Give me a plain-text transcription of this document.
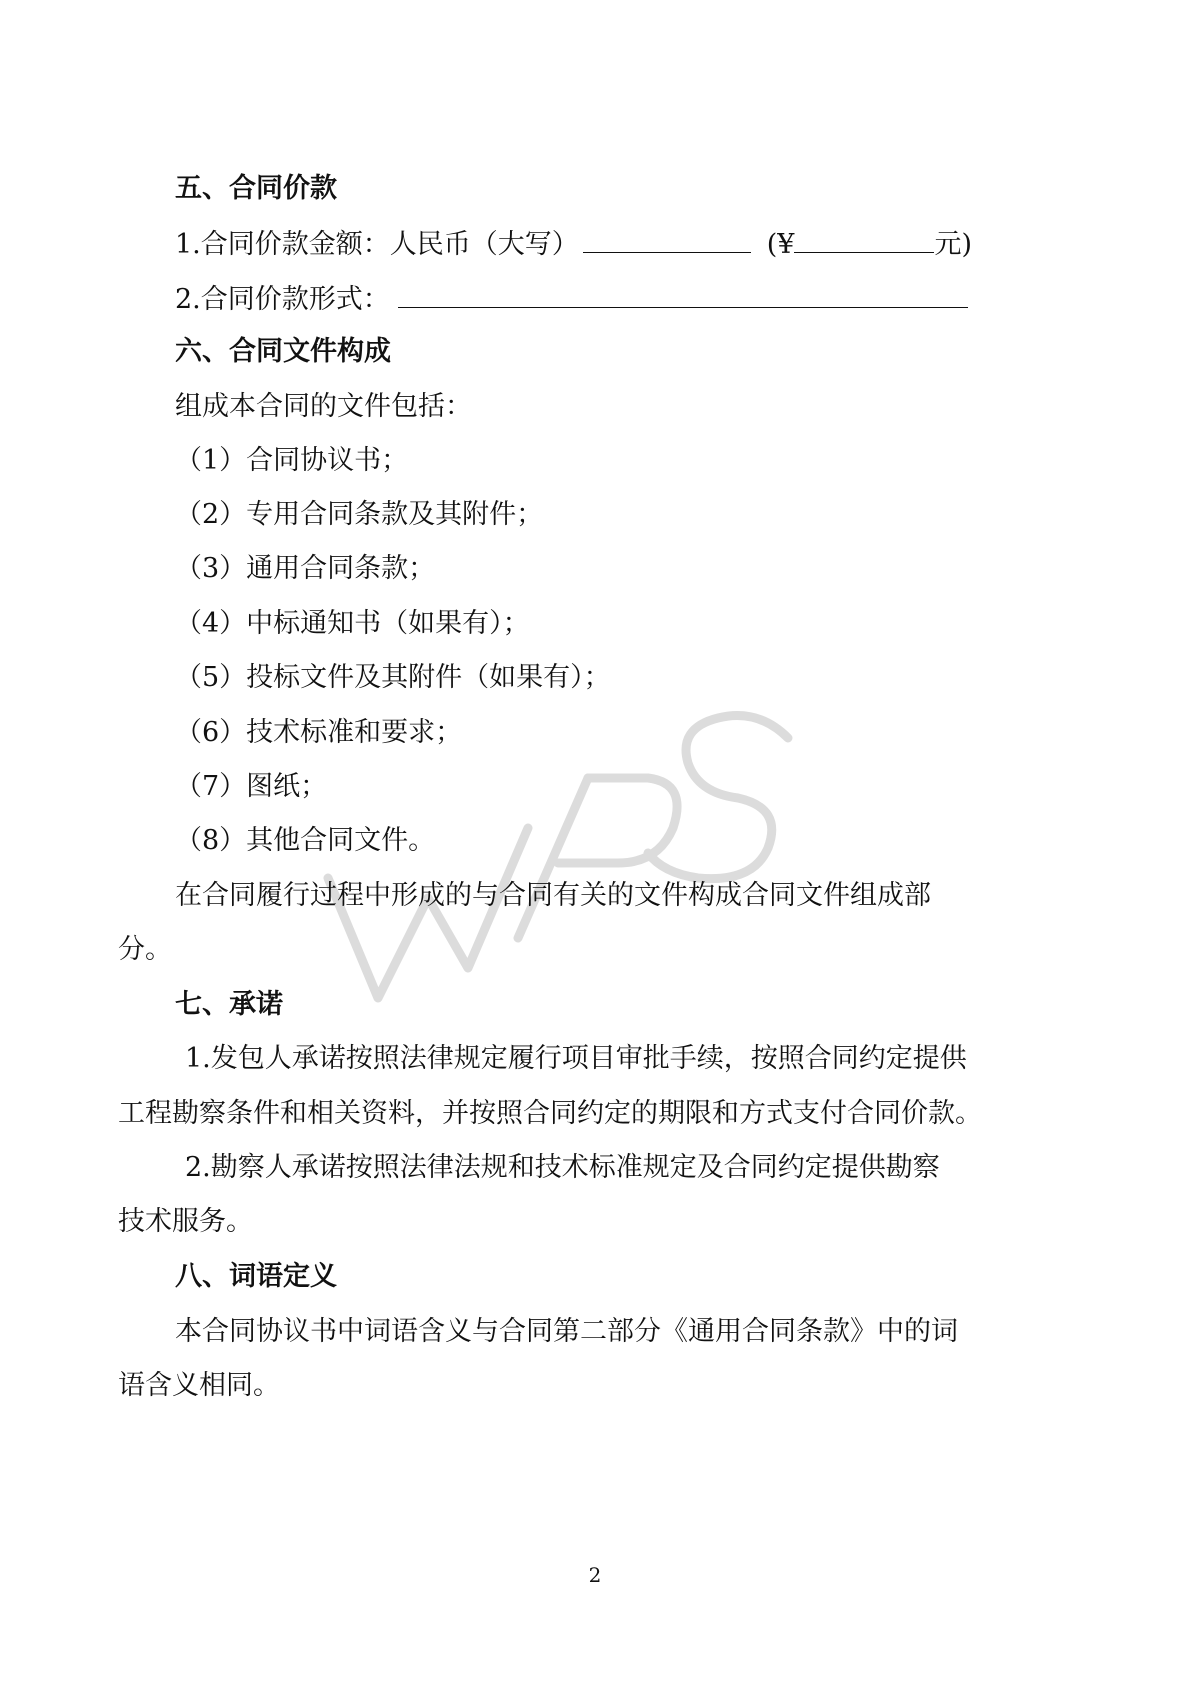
五、合同价款
1.合同价款金额：人民币（大写）	(¥	元)
2.合同价款形式：
六、合同文件构成
组成本合同的文件包括：
（1）合同协议书；
（2）专用合同条款及其附件；
（3）通用合同条款；
（4）中标通知书（如果有）；
（5）投标文件及其附件（如果有）；
（6）技术标准和要求；
（7）图纸；
（8）其他合同文件。
在合同履行过程中形成的与合同有关的文件构成合同文件组成部
分。
七、承诺
1.发包人承诺按照法律规定履行项目审批手续，按照合同约定提供
工程勘察条件和相关资料，并按照合同约定的期限和方式支付合同价款。
2.勘察人承诺按照法律法规和技术标准规定及合同约定提供勘察
技术服务。
八、词语定义
本合同协议书中词语含义与合同第二部分《通用合同条款》中的词
语含义相同。
2
